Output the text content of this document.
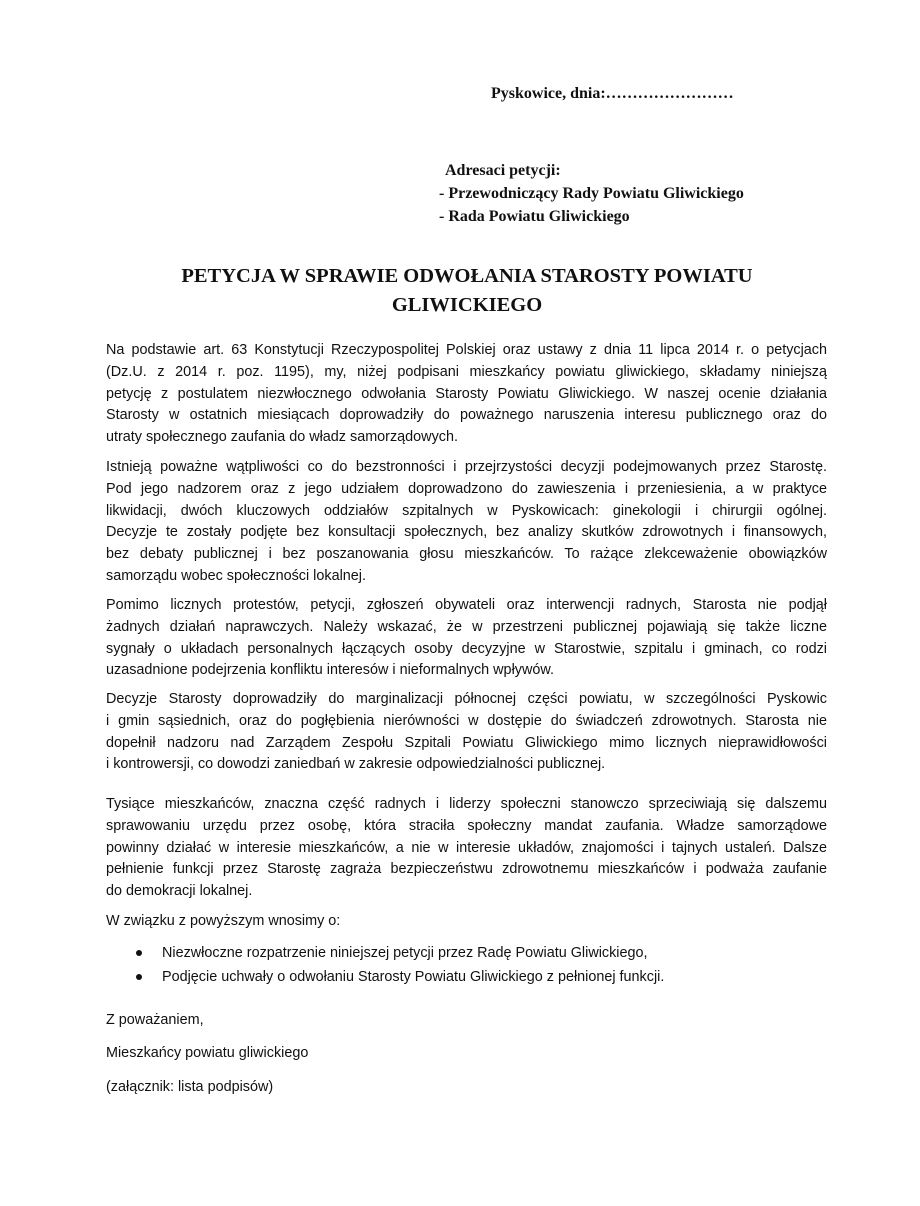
Pyskowice, dnia:……………………
Adresaci petycji:
- Przewodniczący Rady Powiatu Gliwickiego
- Rada Powiatu Gliwickiego
PETYCJA W SPRAWIE ODWOŁANIA STAROSTY POWIATU
GLIWICKIEGO
Na podstawie art. 63 Konstytucji Rzeczypospolitej Polskiej oraz ustawy z dnia 11 lipca 2014 r. o petycjach
(Dz.U. z 2014 r. poz. 1195), my, niżej podpisani mieszkańcy powiatu gliwickiego, składamy niniejszą
petycję z postulatem niezwłocznego odwołania Starosty Powiatu Gliwickiego. W naszej ocenie działania
Starosty w ostatnich miesiącach doprowadziły do poważnego naruszenia interesu publicznego oraz do
utraty społecznego zaufania do władz samorządowych.
Istnieją poważne wątpliwości co do bezstronności i przejrzystości decyzji podejmowanych przez Starostę.
Pod jego nadzorem oraz z jego udziałem doprowadzono do zawieszenia i przeniesienia, a w praktyce
likwidacji, dwóch kluczowych oddziałów szpitalnych w Pyskowicach: ginekologii i chirurgii ogólnej.
Decyzje te zostały podjęte bez konsultacji społecznych, bez analizy skutków zdrowotnych i finansowych,
bez debaty publicznej i bez poszanowania głosu mieszkańców. To rażące zlekceważenie obowiązków
samorządu wobec społeczności lokalnej.
Pomimo licznych protestów, petycji, zgłoszeń obywateli oraz interwencji radnych, Starosta nie podjął
żadnych działań naprawczych. Należy wskazać, że w przestrzeni publicznej pojawiają się także liczne
sygnały o układach personalnych łączących osoby decyzyjne w Starostwie, szpitalu i gminach, co rodzi
uzasadnione podejrzenia konfliktu interesów i nieformalnych wpływów.
Decyzje Starosty doprowadziły do marginalizacji północnej części powiatu, w szczególności Pyskowic
i gmin sąsiednich, oraz do pogłębienia nierówności w dostępie do świadczeń zdrowotnych. Starosta nie
dopełnił nadzoru nad Zarządem Zespołu Szpitali Powiatu Gliwickiego mimo licznych nieprawidłowości
i kontrowersji, co dowodzi zaniedbań w zakresie odpowiedzialności publicznej.
Tysiące mieszkańców, znaczna część radnych i liderzy społeczni stanowczo sprzeciwiają się dalszemu
sprawowaniu urzędu przez osobę, która straciła społeczny mandat zaufania. Władze samorządowe
powinny działać w interesie mieszkańców, a nie w interesie układów, znajomości i tajnych ustaleń. Dalsze
pełnienie funkcji przez Starostę zagraża bezpieczeństwu zdrowotnemu mieszkańców i podważa zaufanie
do demokracji lokalnej.
W związku z powyższym wnosimy o:
Niezwłoczne rozpatrzenie niniejszej petycji przez Radę Powiatu Gliwickiego,
Podjęcie uchwały o odwołaniu Starosty Powiatu Gliwickiego z pełnionej funkcji.
Z poważaniem,
Mieszkańcy powiatu gliwickiego
(załącznik: lista podpisów)
